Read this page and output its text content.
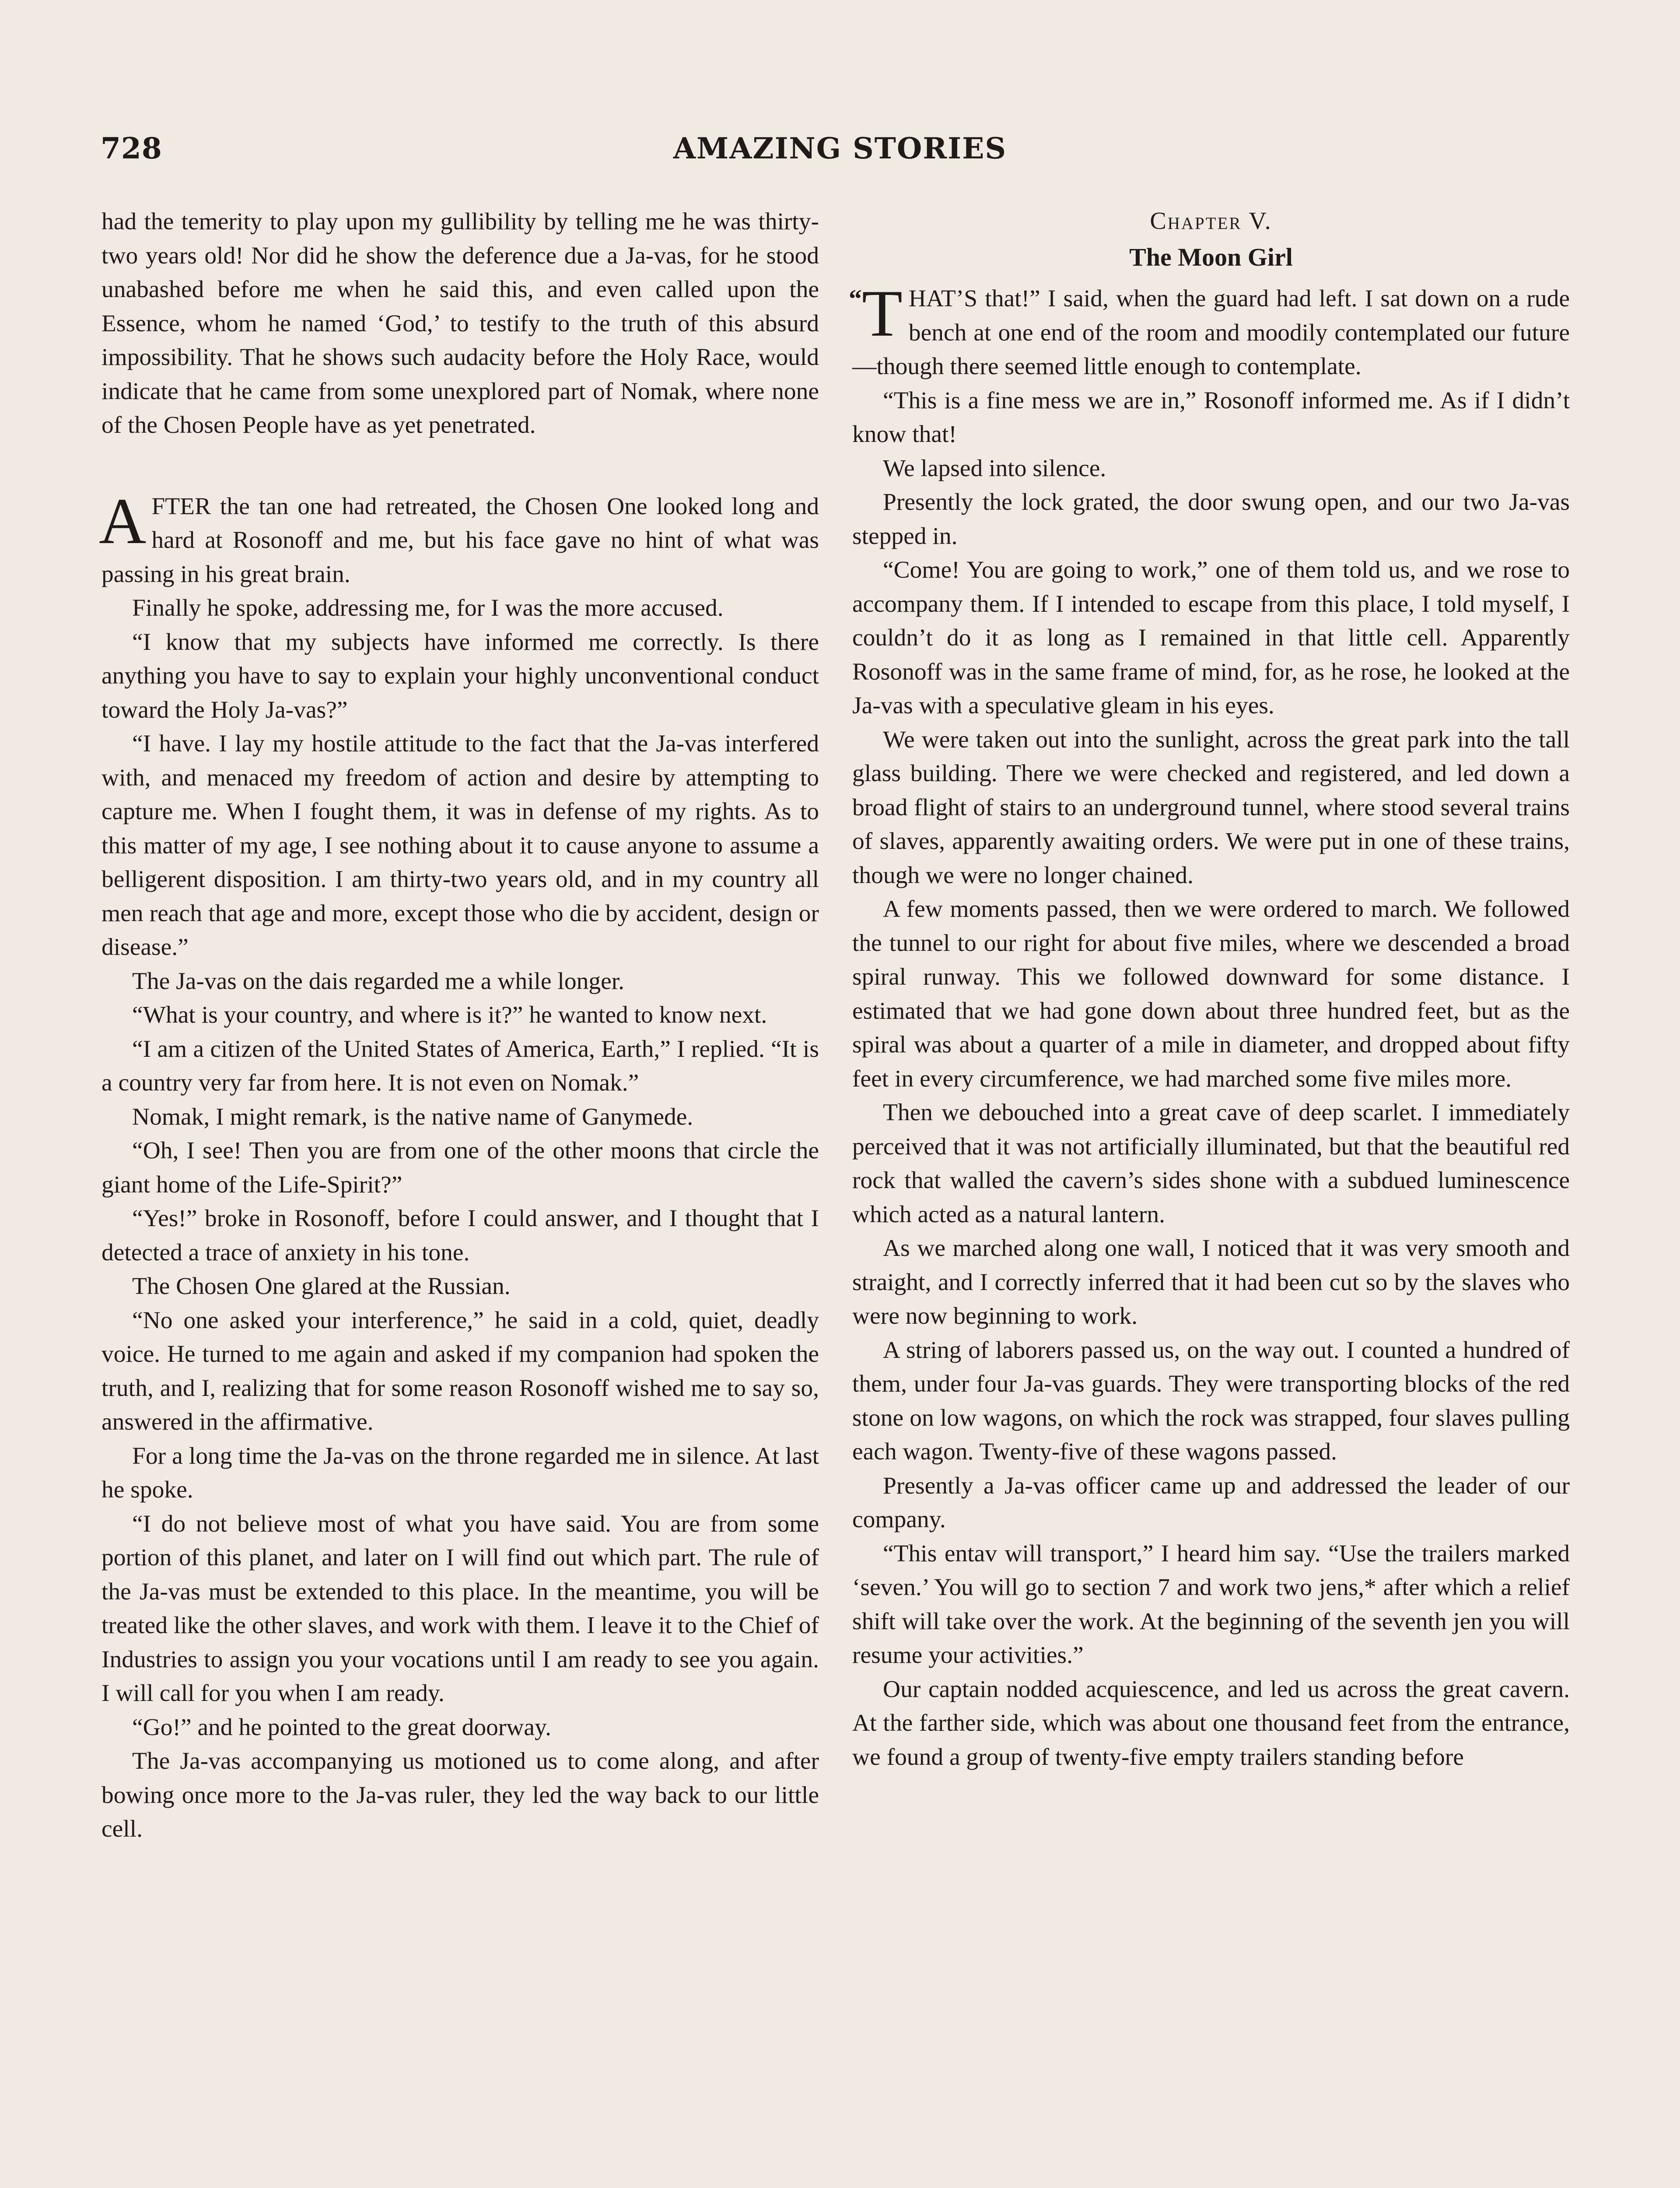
728	AMAZING STORIES

had the temerity to play upon my gullibility by telling me he was thirty-two years old! Nor did he show the deference due a Ja-vas, for he stood unabashed before me when he said this, and even called upon the Essence, whom he named ‘God,’ to testify to the truth of this absurd impossibility. That he shows such audacity before the Holy Race, would indicate that he came from some unexplored part of Nomak, where none of the Chosen People have as yet penetrated.

AFTER the tan one had retreated, the Chosen One looked long and hard at Rosonoff and me, but his face gave no hint of what was passing in his great brain.

Finally he spoke, addressing me, for I was the more accused.

“I know that my subjects have informed me correctly. Is there anything you have to say to explain your highly unconventional conduct toward the Holy Ja-vas?”

“I have. I lay my hostile attitude to the fact that the Ja-vas interfered with, and menaced my freedom of action and desire by attempting to capture me. When I fought them, it was in defense of my rights. As to this matter of my age, I see nothing about it to cause anyone to assume a belligerent disposition. I am thirty-two years old, and in my country all men reach that age and more, except those who die by accident, design or disease.”

The Ja-vas on the dais regarded me a while longer.

“What is your country, and where is it?” he wanted to know next.

“I am a citizen of the United States of America, Earth,” I replied. “It is a country very far from here. It is not even on Nomak.”

Nomak, I might remark, is the native name of Ganymede.

“Oh, I see! Then you are from one of the other moons that circle the giant home of the Life-Spirit?”

“Yes!” broke in Rosonoff, before I could answer, and I thought that I detected a trace of anxiety in his tone.

The Chosen One glared at the Russian.

“No one asked your interference,” he said in a cold, quiet, deadly voice. He turned to me again and asked if my companion had spoken the truth, and I, realizing that for some reason Rosonoff wished me to say so, answered in the affirmative.

For a long time the Ja-vas on the throne regarded me in silence. At last he spoke.

“I do not believe most of what you have said. You are from some portion of this planet, and later on I will find out which part. The rule of the Ja-vas must be extended to this place. In the meantime, you will be treated like the other slaves, and work with them. I leave it to the Chief of Industries to assign you your vocations until I am ready to see you again. I will call for you when I am ready.

“Go!” and he pointed to the great doorway.

The Ja-vas accompanying us motioned us to come along, and after bowing once more to the Ja-vas ruler, they led the way back to our little cell.

Chapter V.
The Moon Girl

“ T HAT’S that!” I said, when the guard had left. I sat down on a rude bench at one end of the room and moodily contemplated our future—though there seemed little enough to contemplate.

“This is a fine mess we are in,” Rosonoff informed me. As if I didn’t know that!

We lapsed into silence.

Presently the lock grated, the door swung open, and our two Ja-vas stepped in.

“Come! You are going to work,” one of them told us, and we rose to accompany them. If I intended to escape from this place, I told myself, I couldn’t do it as long as I remained in that little cell. Apparently Rosonoff was in the same frame of mind, for, as he rose, he looked at the Ja-vas with a speculative gleam in his eyes.

We were taken out into the sunlight, across the great park into the tall glass building. There we were checked and registered, and led down a broad flight of stairs to an underground tunnel, where stood several trains of slaves, apparently awaiting orders. We were put in one of these trains, though we were no longer chained.

A few moments passed, then we were ordered to march. We followed the tunnel to our right for about five miles, where we descended a broad spiral runway. This we followed downward for some distance. I estimated that we had gone down about three hundred feet, but as the spiral was about a quarter of a mile in diameter, and dropped about fifty feet in every circumference, we had marched some five miles more.

Then we debouched into a great cave of deep scarlet. I immediately perceived that it was not artificially illuminated, but that the beautiful red rock that walled the cavern’s sides shone with a subdued luminescence which acted as a natural lantern.

As we marched along one wall, I noticed that it was very smooth and straight, and I correctly inferred that it had been cut so by the slaves who were now beginning to work.

A string of laborers passed us, on the way out. I counted a hundred of them, under four Ja-vas guards. They were transporting blocks of the red stone on low wagons, on which the rock was strapped, four slaves pulling each wagon. Twenty-five of these wagons passed.

Presently a Ja-vas officer came up and addressed the leader of our company.

“This entav will transport,” I heard him say. “Use the trailers marked ‘seven.’ You will go to section 7 and work two jens,* after which a relief shift will take over the work. At the beginning of the seventh jen you will resume your activities.”

Our captain nodded acquiescence, and led us across the great cavern. At the farther side, which was about one thousand feet from the entrance, we found a group of twenty-five empty trailers standing before
